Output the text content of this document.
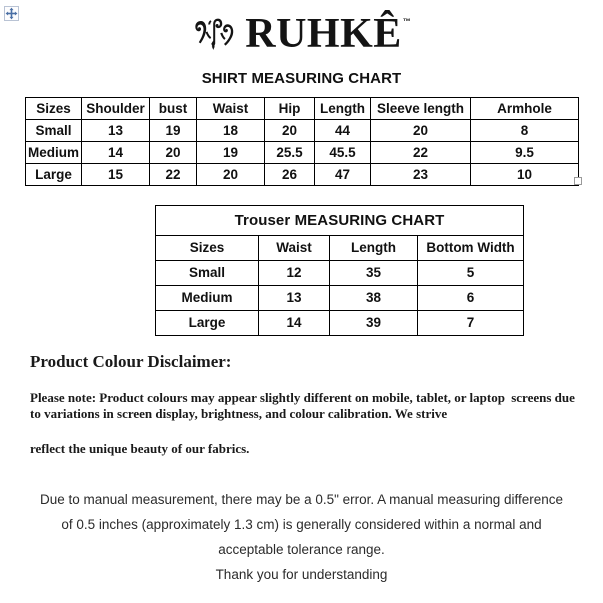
RUHKÊ™
SHIRT MEASURING CHART
Sizes	Shoulder	bust	Waist	Hip	Length	Sleeve length	Armhole
Small	13	19	18	20	44	20	8
Medium	14	20	19	25.5	45.5	22	9.5
Large	15	22	20	26	47	23	10
Trouser MEASURING CHART			
Sizes	Waist	Length	Bottom Width
Small	12	35	5
Medium	13	38	6
Large	14	39	7
Product Colour Disclaimer:
Please note: Product colours may appear slightly different on mobile, tablet, or laptop screens due to variations in screen display, brightness, and colour calibration. We strive
reflect the unique beauty of our fabrics.
Due to manual measurement, there may be a 0.5" error. A manual measuring difference
of 0.5 inches (approximately 1.3 cm) is generally considered within a normal and
acceptable tolerance range.
Thank you for understanding
